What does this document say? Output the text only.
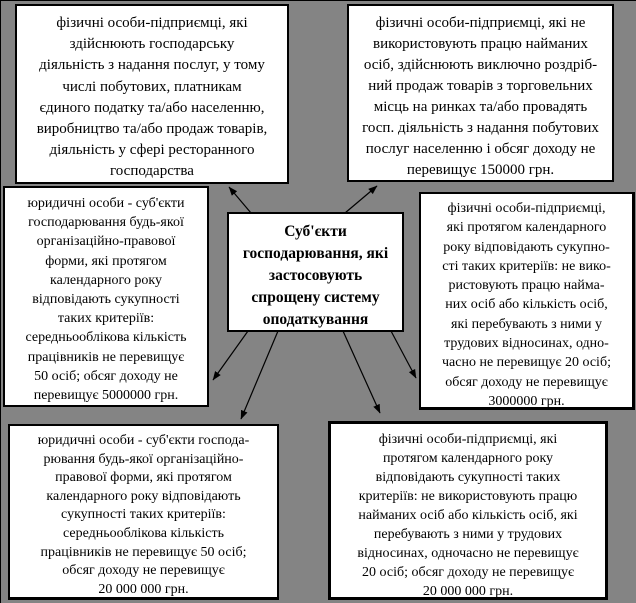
фізичні особи-підприємці, які
здійснюють господарську
діяльність з надання послуг, у тому
числі побутових, платникам
єдиного податку та/або населенню,
виробництво та/або продаж товарів,
діяльність у сфері ресторанного
господарства
фізичні особи-підприємці, які не
використовують працю найманих
осіб, здійснюють виключно роздріб-
ний продаж товарів з торговельних
місць на ринках та/або провадять
госп. діяльність з надання побутових
послуг населенню і обсяг доходу не
перевищує 150000 грн.
юридичні особи - суб'єкти
господарювання будь-якої
організаційно-правової
форми, які протягом
календарного року
відповідають сукупності
таких критеріїв:
середньооблікова кількість
працівників не перевищує
50 осіб; обсяг доходу не
перевищує 5000000 грн.
Суб'єкти
господарювання, які
застосовують
спрощену систему
оподаткування
фізичні особи-підприємці,
які протягом календарного
року відповідають сукупно-
сті таких критеріїв: не вико-
ристовують працю найма-
них осіб або кількість осіб,
які перебувають з ними у
трудових відносинах, одно-
часно не перевищує 20 осіб;
обсяг доходу не перевищує
3000000 грн.
юридичні особи - суб'єкти господа-
рювання будь-якої організаційно-
правової форми, які протягом
календарного року відповідають
сукупності таких критеріїв:
середньооблікова кількість
працівників не перевищує 50 осіб;
обсяг доходу не перевищує
20 000 000 грн.
фізичні особи-підприємці, які
протягом календарного року
відповідають сукупності таких
критеріїв: не використовують працю
найманих осіб або кількість осіб, які
перебувають з ними у трудових
відносинах, одночасно не перевищує
20 осіб; обсяг доходу не перевищує
20 000 000 грн.
